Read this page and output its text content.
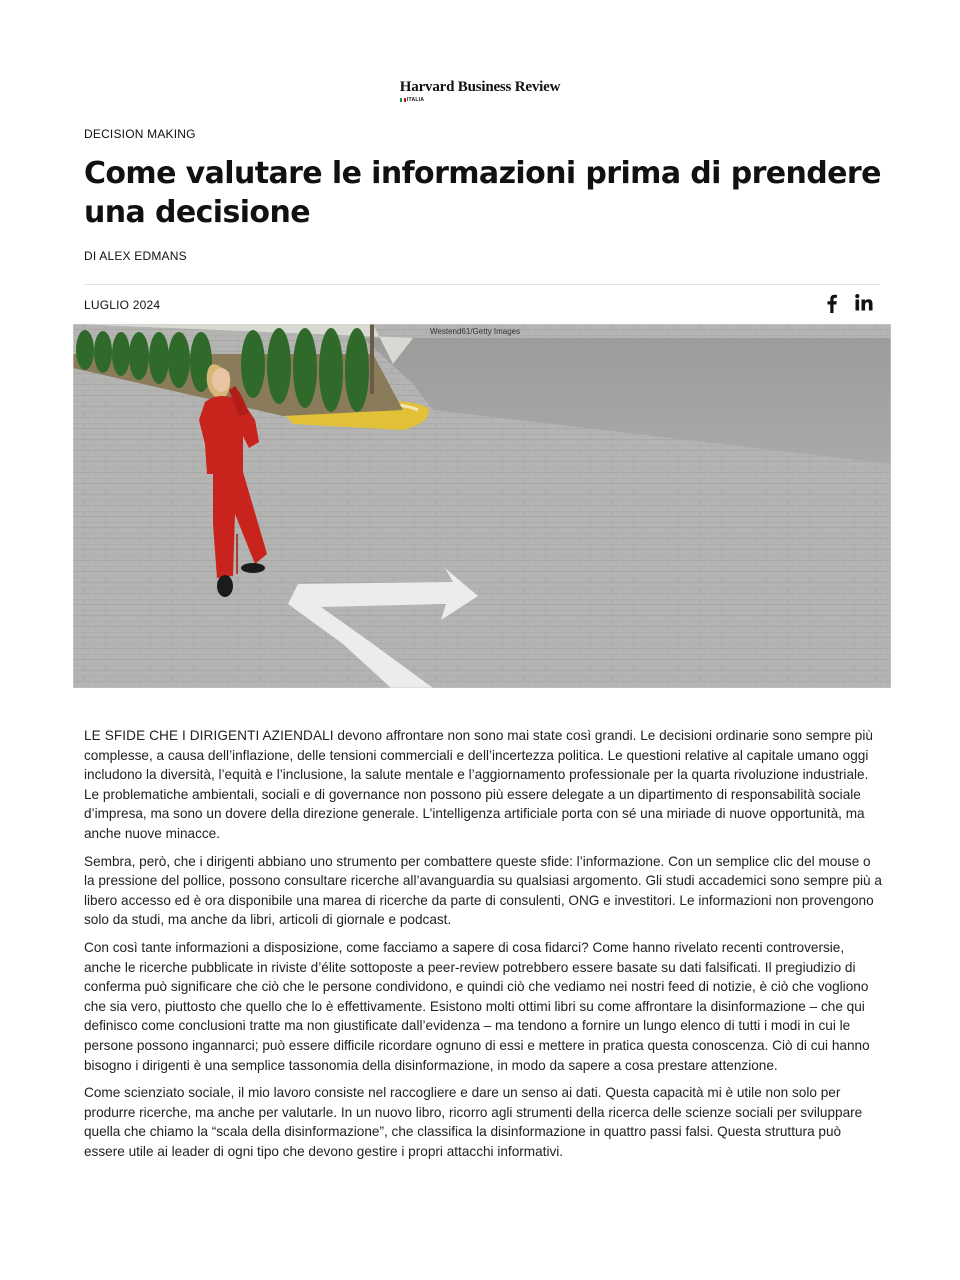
Harvard Business Review
ITALIA
DECISION MAKING
Come valutare le informazioni prima di prendere una decisione
DI ALEX EDMANS
LUGLIO 2024
Westend61/Getty Images

LE SFIDE CHE I DIRIGENTI AZIENDALI devono affrontare non sono mai state così grandi. Le decisioni ordinarie sono sempre più complesse, a causa dell’inflazione, delle tensioni commerciali e dell’incertezza politica. Le questioni relative al capitale umano oggi includono la diversità, l’equità e l’inclusione, la salute mentale e l’aggiornamento professionale per la quarta rivoluzione industriale. Le problematiche ambientali, sociali e di governance non possono più essere delegate a un dipartimento di responsabilità sociale d’impresa, ma sono un dovere della direzione generale. L’intelligenza artificiale porta con sé una miriade di nuove opportunità, ma anche nuove minacce.

Sembra, però, che i dirigenti abbiano uno strumento per combattere queste sfide: l’informazione. Con un semplice clic del mouse o la pressione del pollice, possono consultare ricerche all’avanguardia su qualsiasi argomento. Gli studi accademici sono sempre più a libero accesso ed è ora disponibile una marea di ricerche da parte di consulenti, ONG e investitori. Le informazioni non provengono solo da studi, ma anche da libri, articoli di giornale e podcast.

Con così tante informazioni a disposizione, come facciamo a sapere di cosa fidarci? Come hanno rivelato recenti controversie, anche le ricerche pubblicate in riviste d’élite sottoposte a peer-review potrebbero essere basate su dati falsificati. Il pregiudizio di conferma può significare che ciò che le persone condividono, e quindi ciò che vediamo nei nostri feed di notizie, è ciò che vogliono che sia vero, piuttosto che quello che lo è effettivamente. Esistono molti ottimi libri su come affrontare la disinformazione – che qui definisco come conclusioni tratte ma non giustificate dall’evidenza – ma tendono a fornire un lungo elenco di tutti i modi in cui le persone possono ingannarci; può essere difficile ricordare ognuno di essi e mettere in pratica questa conoscenza. Ciò di cui hanno bisogno i dirigenti è una semplice tassonomia della disinformazione, in modo da sapere a cosa prestare attenzione.

Come scienziato sociale, il mio lavoro consiste nel raccogliere e dare un senso ai dati. Questa capacità mi è utile non solo per produrre ricerche, ma anche per valutarle. In un nuovo libro, ricorro agli strumenti della ricerca delle scienze sociali per sviluppare quella che chiamo la “scala della disinformazione”, che classifica la disinformazione in quattro passi falsi. Questa struttura può essere utile ai leader di ogni tipo che devono gestire i propri attacchi informativi.
